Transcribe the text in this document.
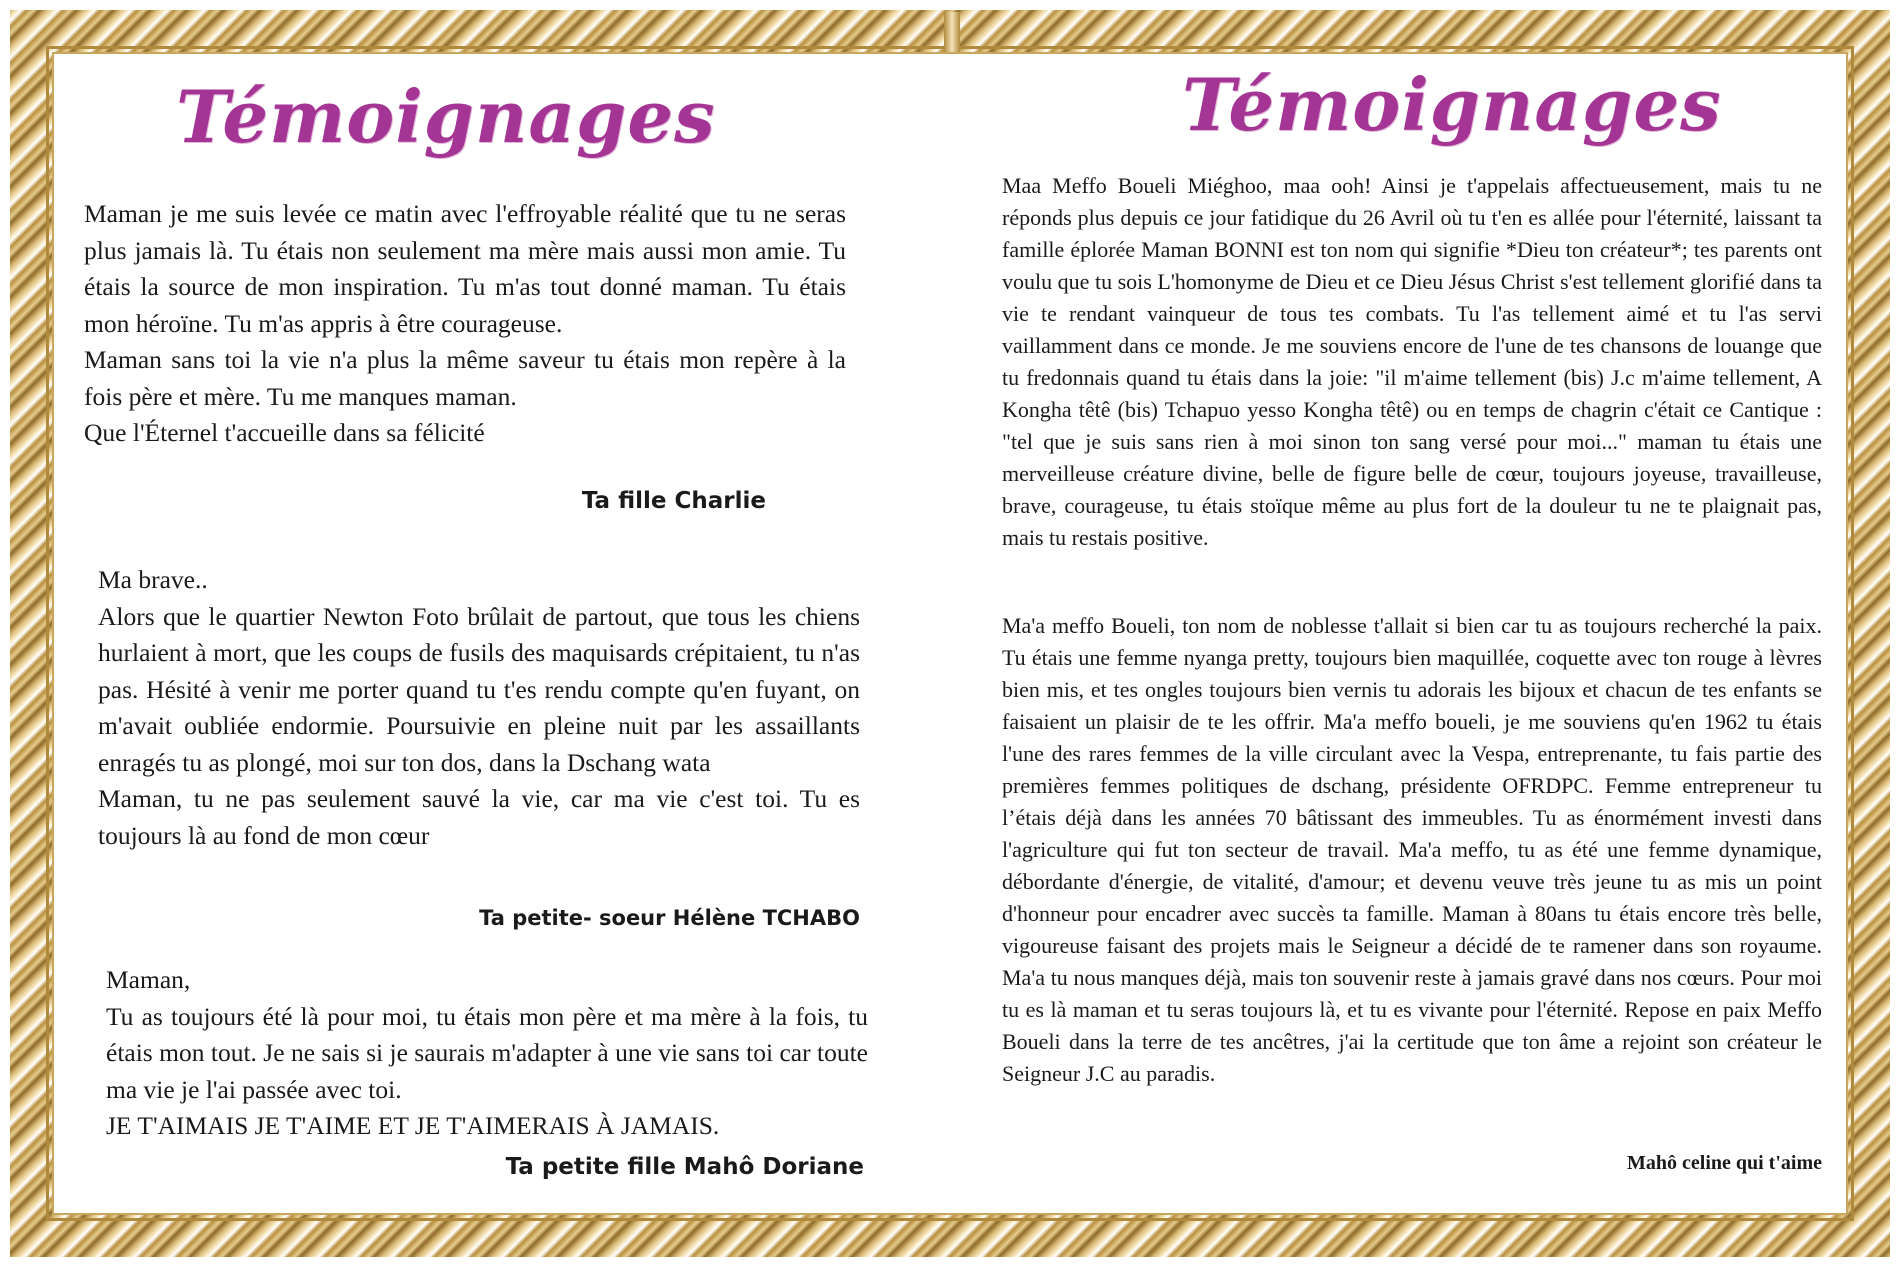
Témoignages

Maman je me suis levée ce matin avec l'effroyable réalité que tu ne seras plus jamais là. Tu étais non seulement ma mère mais aussi mon amie. Tu étais la source de mon inspiration. Tu m'as tout donné maman. Tu étais mon héroïne. Tu m'as appris à être courageuse.

Maman sans toi la vie n'a plus la même saveur tu étais mon repère à la fois père et mère. Tu me manques maman.

Que l'Éternel t'accueille dans sa félicité

Ta fille Charlie

Ma brave..

Alors que le quartier Newton Foto brûlait de partout, que tous les chiens hurlaient à mort, que les coups de fusils des maquisards crépitaient, tu n'as pas. Hésité à venir me porter quand tu t'es rendu compte qu'en fuyant, on m'avait oubliée endormie. Poursuivie en pleine nuit par les assaillants enragés tu as plongé, moi sur ton dos, dans la Dschang wata

Maman, tu ne pas seulement sauvé la vie, car ma vie c'est toi. Tu es toujours là au fond de mon cœur

Ta petite- soeur Hélène TCHABO

Maman,

Tu as toujours été là pour moi, tu étais mon père et ma mère à la fois, tu étais mon tout. Je ne sais si je saurais m'adapter à une vie sans toi car toute ma vie je l'ai passée avec toi.

JE T'AIMAIS JE T'AIME ET JE T'AIMERAIS À JAMAIS.

Ta petite fille Mahô Doriane

Témoignages

Maa Meffo Boueli Miéghoo, maa ooh! Ainsi je t'appelais affectueusement, mais tu ne réponds plus depuis ce jour fatidique du 26 Avril où tu t'en es allée pour l'éternité, laissant ta famille éplorée Maman BONNI est ton nom qui signifie *Dieu ton créateur*; tes parents ont voulu que tu sois L'homonyme de Dieu et ce Dieu Jésus Christ s'est tellement glorifié dans ta vie te rendant vainqueur de tous tes combats. Tu l'as tellement aimé et tu l'as servi vaillamment dans ce monde. Je me souviens encore de l'une de tes chansons de louange que tu fredonnais quand tu étais dans la joie: "il m'aime tellement (bis) J.c m'aime tellement, A Kongha têtê (bis) Tchapuo yesso Kongha têtê) ou en temps de chagrin c'était ce Cantique : "tel que je suis sans rien à moi sinon ton sang versé pour moi..." maman tu étais une merveilleuse créature divine, belle de figure belle de cœur, toujours joyeuse, travailleuse, brave, courageuse, tu étais stoïque même au plus fort de la douleur tu ne te plaignait pas, mais tu restais positive.

Ma'a meffo Boueli, ton nom de noblesse t'allait si bien car tu as toujours recherché la paix. Tu étais une femme nyanga pretty, toujours bien maquillée, coquette avec ton rouge à lèvres bien mis, et tes ongles toujours bien vernis tu adorais les bijoux et chacun de tes enfants se faisaient un plaisir de te les offrir. Ma'a meffo boueli, je me souviens qu'en 1962 tu étais l'une des rares femmes de la ville circulant avec la Vespa, entreprenante, tu fais partie des premières femmes politiques de dschang, présidente OFRDPC. Femme entrepreneur tu l’étais déjà dans les années 70 bâtissant des immeubles. Tu as énormément investi dans l'agriculture qui fut ton secteur de travail. Ma'a meffo, tu as été une femme dynamique, débordante d'énergie, de vitalité, d'amour; et devenu veuve très jeune tu as mis un point d'honneur pour encadrer avec succès ta famille. Maman à 80ans tu étais encore très belle, vigoureuse faisant des projets mais le Seigneur a décidé de te ramener dans son royaume. Ma'a tu nous manques déjà, mais ton souvenir reste à jamais gravé dans nos cœurs. Pour moi tu es là maman et tu seras toujours là, et tu es vivante pour l'éternité. Repose en paix Meffo Boueli dans la terre de tes ancêtres, j'ai la certitude que ton âme a rejoint son créateur le Seigneur J.C au paradis.

Mahô celine qui t'aime
